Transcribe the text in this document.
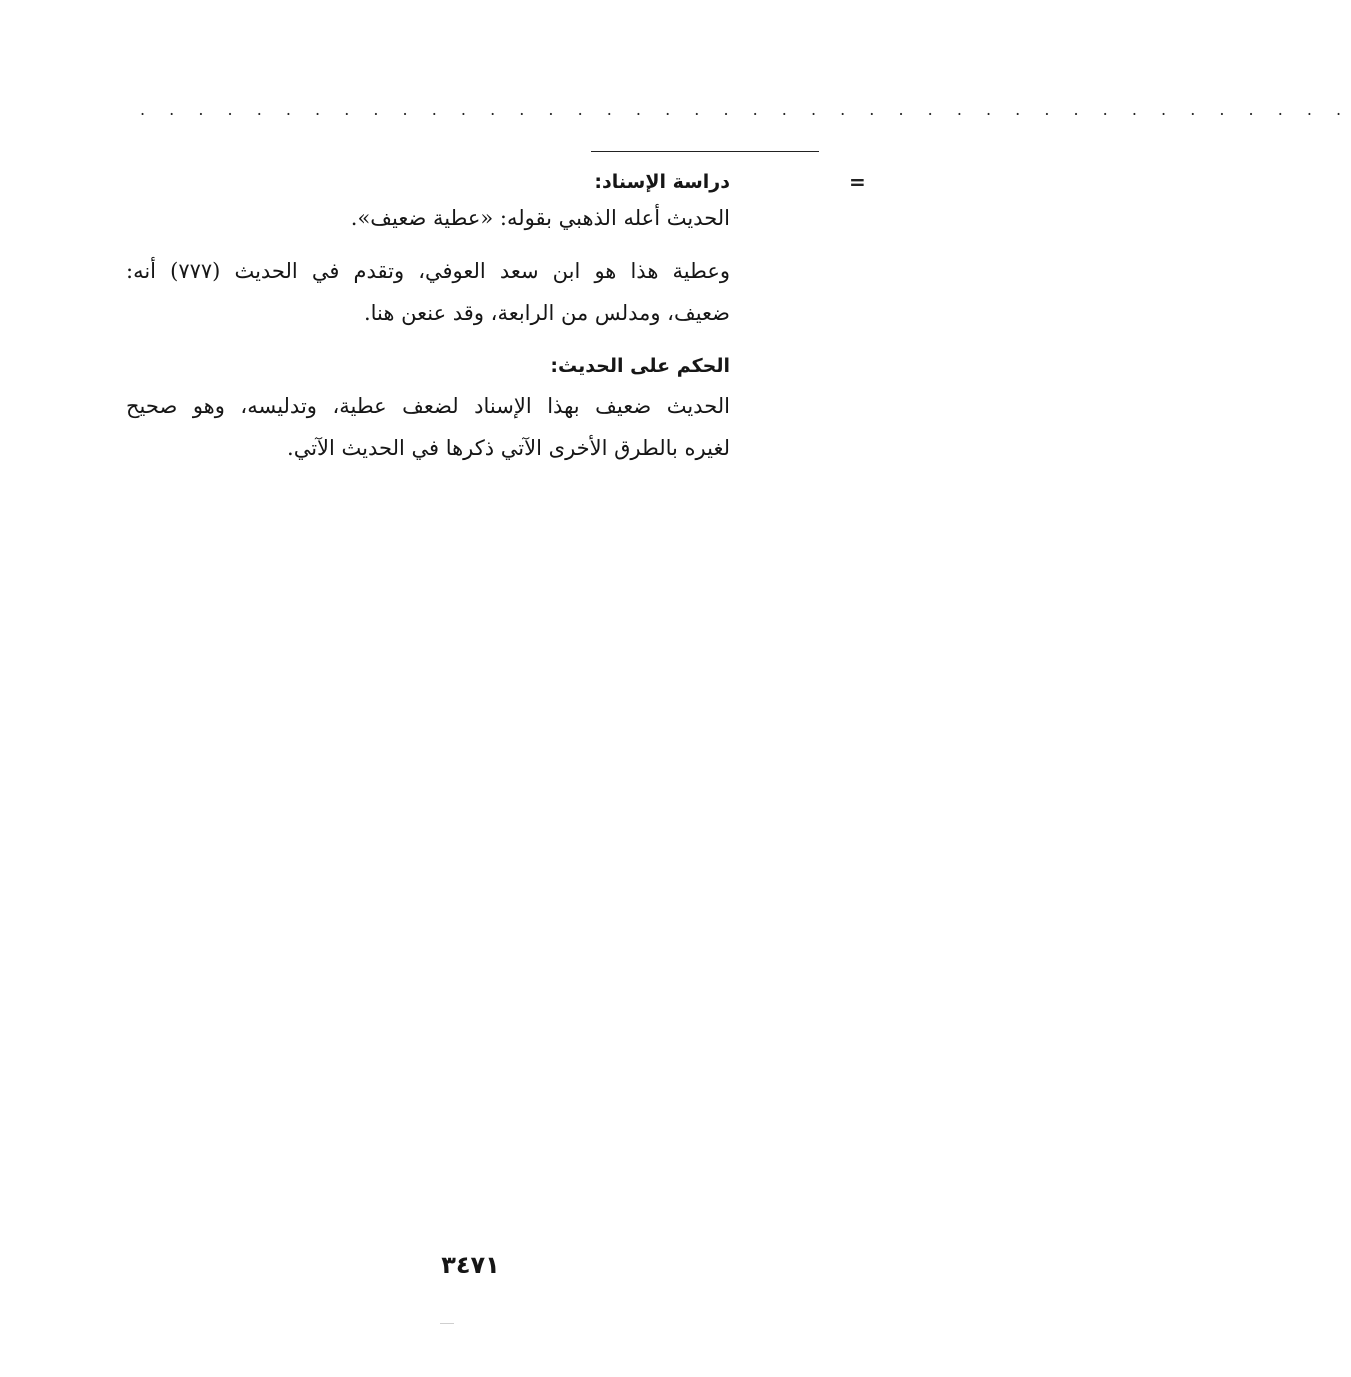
. . . . . . . . . . . . . . . . . . . . . . . . . . . . . . . . . . . . . . . . . .
=
دراسة الإسناد:
الحديث أعله الذهبي بقوله: «عطية ضعيف».
وعطية هذا هو ابن سعد العوفي، وتقدم في الحديث (٧٧٧) أنه:
ضعيف، ومدلس من الرابعة، وقد عنعن هنا.
الحكم على الحديث:
الحديث ضعيف بهذا الإسناد لضعف عطية، وتدليسه، وهو صحيح
لغيره بالطرق الأخرى الآتي ذكرها في الحديث الآتي.
٣٤٧١
